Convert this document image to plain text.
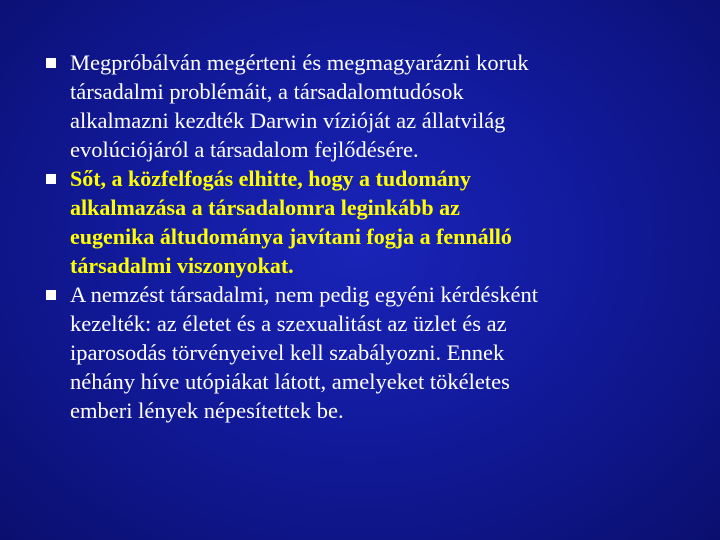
Megpróbálván megérteni és megmagyarázni koruk
társadalmi problémáit, a társadalomtudósok
alkalmazni kezdték Darwin vízióját az állatvilág
evolúciójáról a társadalom fejlődésére.

Sőt, a közfelfogás elhitte, hogy a tudomány
alkalmazása a társadalomra leginkább az
eugenika áltudománya javítani fogja a fennálló
társadalmi viszonyokat.

A nemzést társadalmi, nem pedig egyéni kérdésként
kezelték: az életet és a szexualitást az üzlet és az
iparosodás törvényeivel kell szabályozni. Ennek
néhány híve utópiákat látott, amelyeket tökéletes
emberi lények népesítettek be.
